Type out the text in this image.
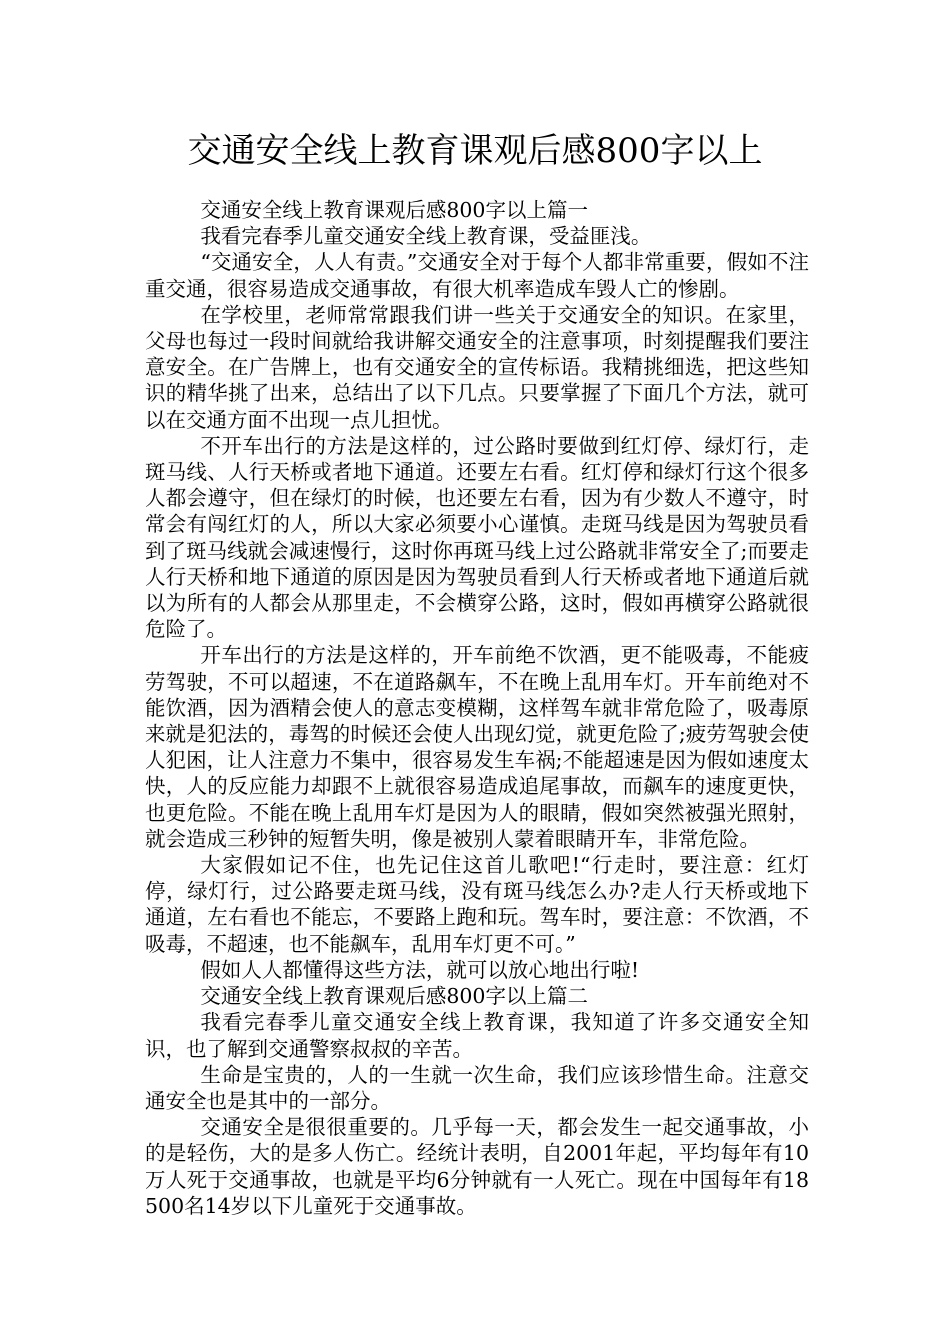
交通安全线上教育课观后感800字以上

交通安全线上教育课观后感800字以上篇一

我看完春季儿童交通安全线上教育课，受益匪浅。

“交通安全，人人有责。”交通安全对于每个人都非常重要，假如不注重交通，很容易造成交通事故，有很大机率造成车毁人亡的惨剧。

在学校里，老师常常跟我们讲一些关于交通安全的知识。在家里，父母也每过一段时间就给我讲解交通安全的注意事项，时刻提醒我们要注意安全。在广告牌上，也有交通安全的宣传标语。我精挑细选，把这些知识的精华挑了出来，总结出了以下几点。只要掌握了下面几个方法，就可以在交通方面不出现一点儿担忧。

不开车出行的方法是这样的，过公路时要做到红灯停、绿灯行，走斑马线、人行天桥或者地下通道。还要左右看。红灯停和绿灯行这个很多人都会遵守，但在绿灯的时候，也还要左右看，因为有少数人不遵守，时常会有闯红灯的人，所以大家必须要小心谨慎。走斑马线是因为驾驶员看到了斑马线就会减速慢行，这时你再斑马线上过公路就非常安全了;而要走人行天桥和地下通道的原因是因为驾驶员看到人行天桥或者地下通道后就以为所有的人都会从那里走，不会横穿公路，这时，假如再横穿公路就很危险了。

开车出行的方法是这样的，开车前绝不饮酒，更不能吸毒，不能疲劳驾驶，不可以超速，不在道路飙车，不在晚上乱用车灯。开车前绝对不能饮酒，因为酒精会使人的意志变模糊，这样驾车就非常危险了，吸毒原来就是犯法的，毒驾的时候还会使人出现幻觉，就更危险了;疲劳驾驶会使人犯困，让人注意力不集中，很容易发生车祸;不能超速是因为假如速度太快，人的反应能力却跟不上就很容易造成追尾事故，而飙车的速度更快，也更危险。不能在晚上乱用车灯是因为人的眼睛，假如突然被强光照射，就会造成三秒钟的短暂失明，像是被别人蒙着眼睛开车，非常危险。

大家假如记不住，也先记住这首儿歌吧!“行走时，要注意：红灯停，绿灯行，过公路要走斑马线，没有斑马线怎么办?走人行天桥或地下通道，左右看也不能忘，不要路上跑和玩。驾车时，要注意：不饮酒，不吸毒，不超速，也不能飙车，乱用车灯更不可。”

假如人人都懂得这些方法，就可以放心地出行啦!

交通安全线上教育课观后感800字以上篇二

我看完春季儿童交通安全线上教育课，我知道了许多交通安全知识，也了解到交通警察叔叔的辛苦。

生命是宝贵的，人的一生就一次生命，我们应该珍惜生命。注意交通安全也是其中的一部分。

交通安全是很很重要的。几乎每一天，都会发生一起交通事故，小的是轻伤，大的是多人伤亡。经统计表明，自2001年起，平均每年有10万人死于交通事故，也就是平均6分钟就有一人死亡。现在中国每年有18500名14岁以下儿童死于交通事故。
